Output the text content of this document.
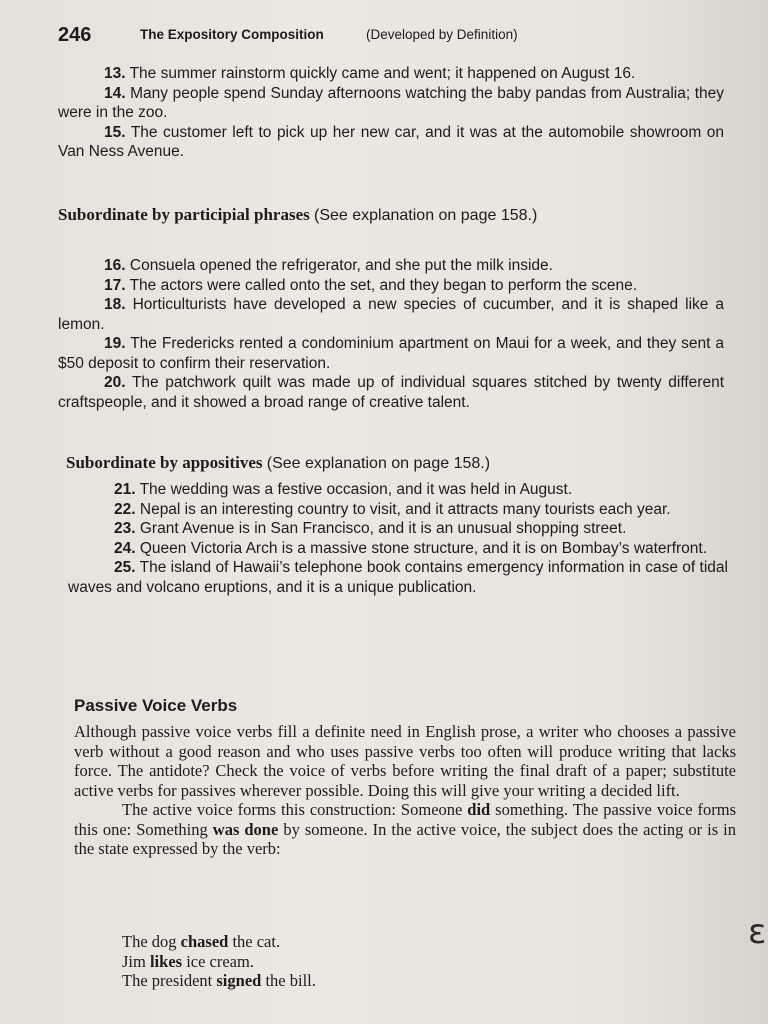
246	The Expository Composition	(Developed by Definition)

13. The summer rainstorm quickly came and went; it happened on August 16.

14. Many people spend Sunday afternoons watching the baby pandas from Australia; they were in the zoo.

15. The customer left to pick up her new car, and it was at the automobile showroom on Van Ness Avenue.

Subordinate by participial phrases (See explanation on page 158.)

16. Consuela opened the refrigerator, and she put the milk inside.

17. The actors were called onto the set, and they began to perform the scene.

18. Horticulturists have developed a new species of cucumber, and it is shaped like a lemon.

19. The Fredericks rented a condominium apartment on Maui for a week, and they sent a $50 deposit to confirm their reservation.

20. The patchwork quilt was made up of individual squares stitched by twenty different craftspeople, and it showed a broad range of creative talent.

Subordinate by appositives (See explanation on page 158.)

21. The wedding was a festive occasion, and it was held in August.

22. Nepal is an interesting country to visit, and it attracts many tourists each year.

23. Grant Avenue is in San Francisco, and it is an unusual shopping street.

24. Queen Victoria Arch is a massive stone structure, and it is on Bombay’s waterfront.

25. The island of Hawaii’s telephone book contains emergency information in case of tidal waves and volcano eruptions, and it is a unique publication.

Passive Voice Verbs

Although passive voice verbs fill a definite need in English prose, a writer who chooses a passive verb without a good reason and who uses passive verbs too often will produce writing that lacks force. The antidote? Check the voice of verbs before writing the final draft of a paper; substitute active verbs for passives wherever possible. Doing this will give your writing a decided lift.

The active voice forms this construction: Someone did something. The passive voice forms this one: Something was done by someone. In the active voice, the subject does the acting or is in the state expressed by the verb:

The dog chased the cat.
Jim likes ice cream.
The president signed the bill.
ε
